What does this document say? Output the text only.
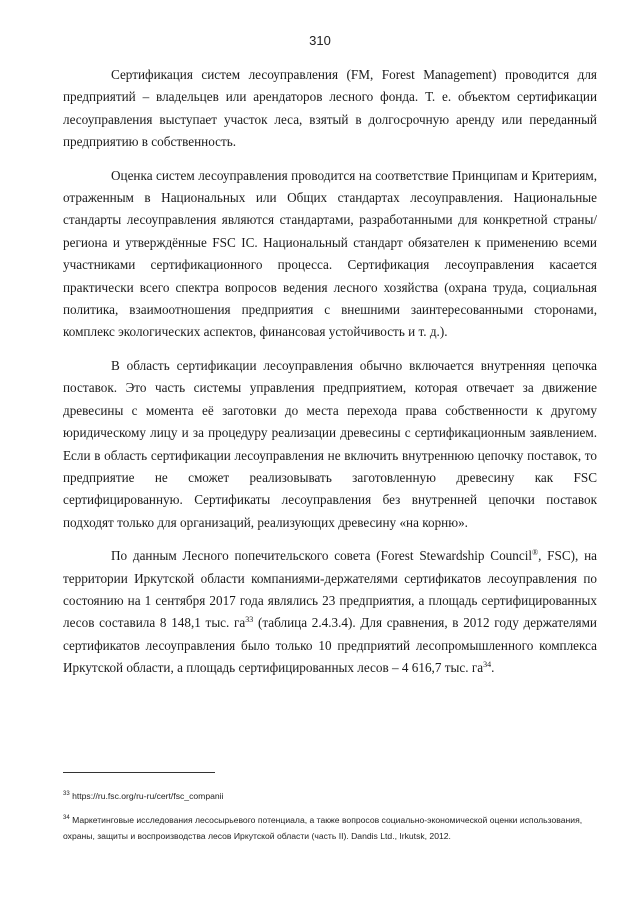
310

Сертификация систем лесоуправления (FM, Forest Management) проводится для предприятий – владельцев или арендаторов лесного фонда. Т. е. объектом сертификации лесоуправления выступает участок леса, взятый в долгосрочную аренду или переданный предприятию в собственность.

Оценка систем лесоуправления проводится на соответствие Принципам и Критериям, отраженным в Национальных или Общих стандартах лесоуправления. Национальные стандарты лесоуправления являются стандартами, разработанными для конкретной страны/региона и утверждённые FSC IC. Национальный стандарт обязателен к применению всеми участниками сертификационного процесса. Сертификация лесоуправления касается практически всего спектра вопросов ведения лесного хозяйства (охрана труда, социальная политика, взаимоотношения предприятия с внешними заинтересованными сторонами, комплекс экологических аспектов, финансовая устойчивость и т. д.).

В область сертификации лесоуправления обычно включается внутренняя цепочка поставок. Это часть системы управления предприятием, которая отвечает за движение древесины с момента её заготовки до места перехода права собственности к другому юридическому лицу и за процедуру реализации древесины с сертификационным заявлением. Если в область сертификации лесоуправления не включить внутреннюю цепочку поставок, то предприятие не сможет реализовывать заготовленную древесину как FSC сертифицированную. Сертификаты лесоуправления без внутренней цепочки поставок подходят только для организаций, реализующих древесину «на корню».

По данным Лесного попечительского совета (Forest Stewardship Council®, FSC), на территории Иркутской области компаниями-держателями сертификатов лесоуправления по состоянию на 1 сентября 2017 года являлись 23 предприятия, а площадь сертифицированных лесов составила 8 148,1 тыс. $га^{33}$ (таблица 2.4.3.4). Для сравнения, в 2012 году держателями сертификатов лесоуправления было только 10 предприятий лесопромышленного комплекса Иркутской области, а площадь сертифицированных лесов – 4 616,7 тыс. $га^{34}$.

$^{33}$ https://ru.fsc.org/ru-ru/cert/fsc_companii

$^{34}$ Маркетинговые исследования лесосырьевого потенциала, а также вопросов социально-экономической оценки использования, охраны, защиты и воспроизводства лесов Иркутской области (часть II). Dandis Ltd., Irkutsk, 2012.
